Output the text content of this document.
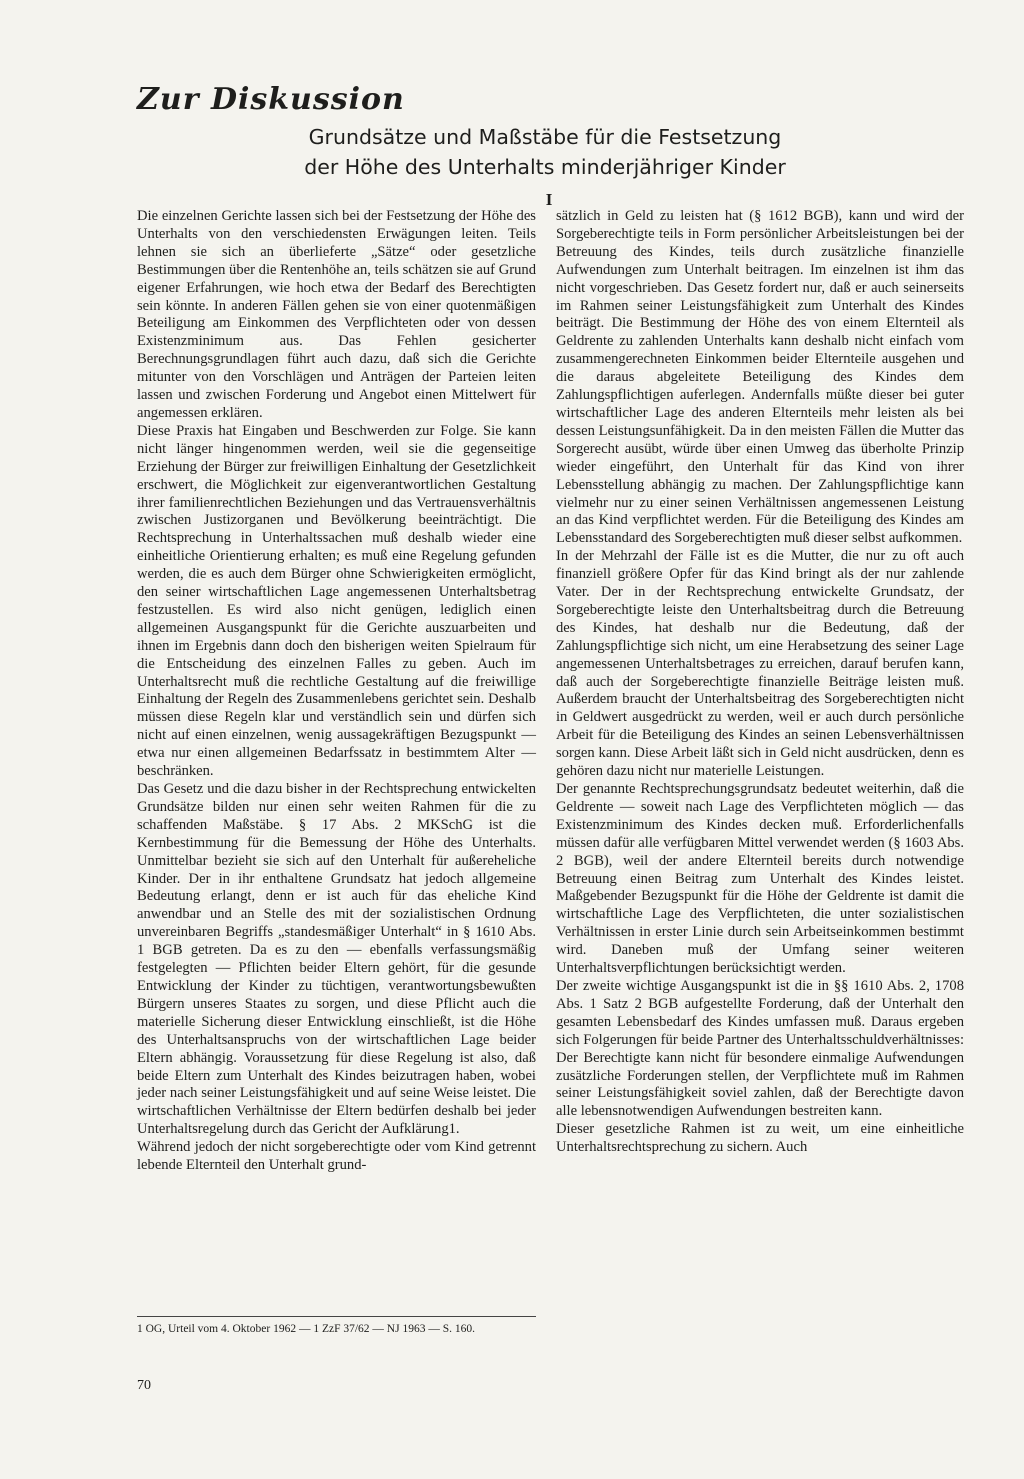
Zur Diskussion
Grundsätze und Maßstäbe für die Festsetzung
der Höhe des Unterhalts minderjähriger Kinder
I

Die einzelnen Gerichte lassen sich bei der Festsetzung der Höhe des Unterhalts von den verschiedensten Erwägungen leiten. Teils lehnen sie sich an überlieferte „Sätze“ oder gesetzliche Bestimmungen über die Rentenhöhe an, teils schätzen sie auf Grund eigener Erfahrungen, wie hoch etwa der Bedarf des Berechtigten sein könnte. In anderen Fällen gehen sie von einer quotenmäßigen Beteiligung am Einkommen des Verpflichteten oder von dessen Existenzminimum aus. Das Fehlen gesicherter Berechnungsgrundlagen führt auch dazu, daß sich die Gerichte mitunter von den Vorschlägen und Anträgen der Parteien leiten lassen und zwischen Forderung und Angebot einen Mittelwert für angemessen erklären.

Diese Praxis hat Eingaben und Beschwerden zur Folge. Sie kann nicht länger hingenommen werden, weil sie die gegenseitige Erziehung der Bürger zur freiwilligen Einhaltung der Gesetzlichkeit erschwert, die Möglichkeit zur eigenverantwortlichen Gestaltung ihrer familienrechtlichen Beziehungen und das Vertrauensverhältnis zwischen Justizorganen und Bevölkerung beeinträchtigt. Die Rechtsprechung in Unterhaltssachen muß deshalb wieder eine einheitliche Orientierung erhalten; es muß eine Regelung gefunden werden, die es auch dem Bürger ohne Schwierigkeiten ermöglicht, den seiner wirtschaftlichen Lage angemessenen Unterhaltsbetrag festzustellen. Es wird also nicht genügen, lediglich einen allgemeinen Ausgangspunkt für die Gerichte auszuarbeiten und ihnen im Ergebnis dann doch den bisherigen weiten Spielraum für die Entscheidung des einzelnen Falles zu geben. Auch im Unterhaltsrecht muß die rechtliche Gestaltung auf die freiwillige Einhaltung der Regeln des Zusammenlebens gerichtet sein. Deshalb müssen diese Regeln klar und verständlich sein und dürfen sich nicht auf einen einzelnen, wenig aussagekräftigen Bezugspunkt — etwa nur einen allgemeinen Bedarfssatz in bestimmtem Alter — beschränken.

Das Gesetz und die dazu bisher in der Rechtsprechung entwickelten Grundsätze bilden nur einen sehr weiten Rahmen für die zu schaffenden Maßstäbe. § 17 Abs. 2 MKSchG ist die Kernbestimmung für die Bemessung der Höhe des Unterhalts. Unmittelbar bezieht sie sich auf den Unterhalt für außereheliche Kinder. Der in ihr enthaltene Grundsatz hat jedoch allgemeine Bedeutung erlangt, denn er ist auch für das eheliche Kind anwendbar und an Stelle des mit der sozialistischen Ordnung unvereinbaren Begriffs „standesmäßiger Unterhalt“ in § 1610 Abs. 1 BGB getreten. Da es zu den — ebenfalls verfassungsmäßig festgelegten — Pflichten beider Eltern gehört, für die gesunde Entwicklung der Kinder zu tüchtigen, verantwortungsbewußten Bürgern unseres Staates zu sorgen, und diese Pflicht auch die materielle Sicherung dieser Entwicklung einschließt, ist die Höhe des Unterhaltsanspruchs von der wirtschaftlichen Lage beider Eltern abhängig. Voraussetzung für diese Regelung ist also, daß beide Eltern zum Unterhalt des Kindes beizutragen haben, wobei jeder nach seiner Leistungsfähigkeit und auf seine Weise leistet. Die wirtschaftlichen Verhältnisse der Eltern bedürfen deshalb bei jeder Unterhaltsregelung durch das Gericht der Aufklärung1.

Während jedoch der nicht sorgeberechtigte oder vom Kind getrennt lebende Elternteil den Unterhalt grund-

1 OG, Urteil vom 4. Oktober 1962 — 1 ZzF 37/62 — NJ 1963 — S. 160.

sätzlich in Geld zu leisten hat (§ 1612 BGB), kann und wird der Sorgeberechtigte teils in Form persönlicher Arbeitsleistungen bei der Betreuung des Kindes, teils durch zusätzliche finanzielle Aufwendungen zum Unterhalt beitragen. Im einzelnen ist ihm das nicht vorgeschrieben. Das Gesetz fordert nur, daß er auch seinerseits im Rahmen seiner Leistungsfähigkeit zum Unterhalt des Kindes beiträgt. Die Bestimmung der Höhe des von einem Elternteil als Geldrente zu zahlenden Unterhalts kann deshalb nicht einfach vom zusammengerechneten Einkommen beider Elternteile ausgehen und die daraus abgeleitete Beteiligung des Kindes dem Zahlungspflichtigen auferlegen. Andernfalls müßte dieser bei guter wirtschaftlicher Lage des anderen Elternteils mehr leisten als bei dessen Leistungsunfähigkeit. Da in den meisten Fällen die Mutter das Sorgerecht ausübt, würde über einen Umweg das überholte Prinzip wieder eingeführt, den Unterhalt für das Kind von ihrer Lebensstellung abhängig zu machen. Der Zahlungspflichtige kann vielmehr nur zu einer seinen Verhältnissen angemessenen Leistung an das Kind verpflichtet werden. Für die Beteiligung des Kindes am Lebensstandard des Sorgeberechtigten muß dieser selbst aufkommen.

In der Mehrzahl der Fälle ist es die Mutter, die nur zu oft auch finanziell größere Opfer für das Kind bringt als der nur zahlende Vater. Der in der Rechtsprechung entwickelte Grundsatz, der Sorgeberechtigte leiste den Unterhaltsbeitrag durch die Betreuung des Kindes, hat deshalb nur die Bedeutung, daß der Zahlungspflichtige sich nicht, um eine Herabsetzung des seiner Lage angemessenen Unterhaltsbetrages zu erreichen, darauf berufen kann, daß auch der Sorgeberechtigte finanzielle Beiträge leisten muß. Außerdem braucht der Unterhaltsbeitrag des Sorgeberechtigten nicht in Geldwert ausgedrückt zu werden, weil er auch durch persönliche Arbeit für die Beteiligung des Kindes an seinen Lebensverhältnissen sorgen kann. Diese Arbeit läßt sich in Geld nicht ausdrücken, denn es gehören dazu nicht nur materielle Leistungen.

Der genannte Rechtsprechungsgrundsatz bedeutet weiterhin, daß die Geldrente — soweit nach Lage des Verpflichteten möglich — das Existenzminimum des Kindes decken muß. Erforderlichenfalls müssen dafür alle verfügbaren Mittel verwendet werden (§ 1603 Abs. 2 BGB), weil der andere Elternteil bereits durch notwendige Betreuung einen Beitrag zum Unterhalt des Kindes leistet. Maßgebender Bezugspunkt für die Höhe der Geldrente ist damit die wirtschaftliche Lage des Verpflichteten, die unter sozialistischen Verhältnissen in erster Linie durch sein Arbeitseinkommen bestimmt wird. Daneben muß der Umfang seiner weiteren Unterhaltsverpflichtungen berücksichtigt werden.

Der zweite wichtige Ausgangspunkt ist die in §§ 1610 Abs. 2, 1708 Abs. 1 Satz 2 BGB aufgestellte Forderung, daß der Unterhalt den gesamten Lebensbedarf des Kindes umfassen muß. Daraus ergeben sich Folgerungen für beide Partner des Unterhaltsschuldverhältnisses: Der Berechtigte kann nicht für besondere einmalige Aufwendungen zusätzliche Forderungen stellen, der Verpflichtete muß im Rahmen seiner Leistungsfähigkeit soviel zahlen, daß der Berechtigte davon alle lebensnotwendigen Aufwendungen bestreiten kann.

Dieser gesetzliche Rahmen ist zu weit, um eine einheitliche Unterhaltsrechtsprechung zu sichern. Auch

70
